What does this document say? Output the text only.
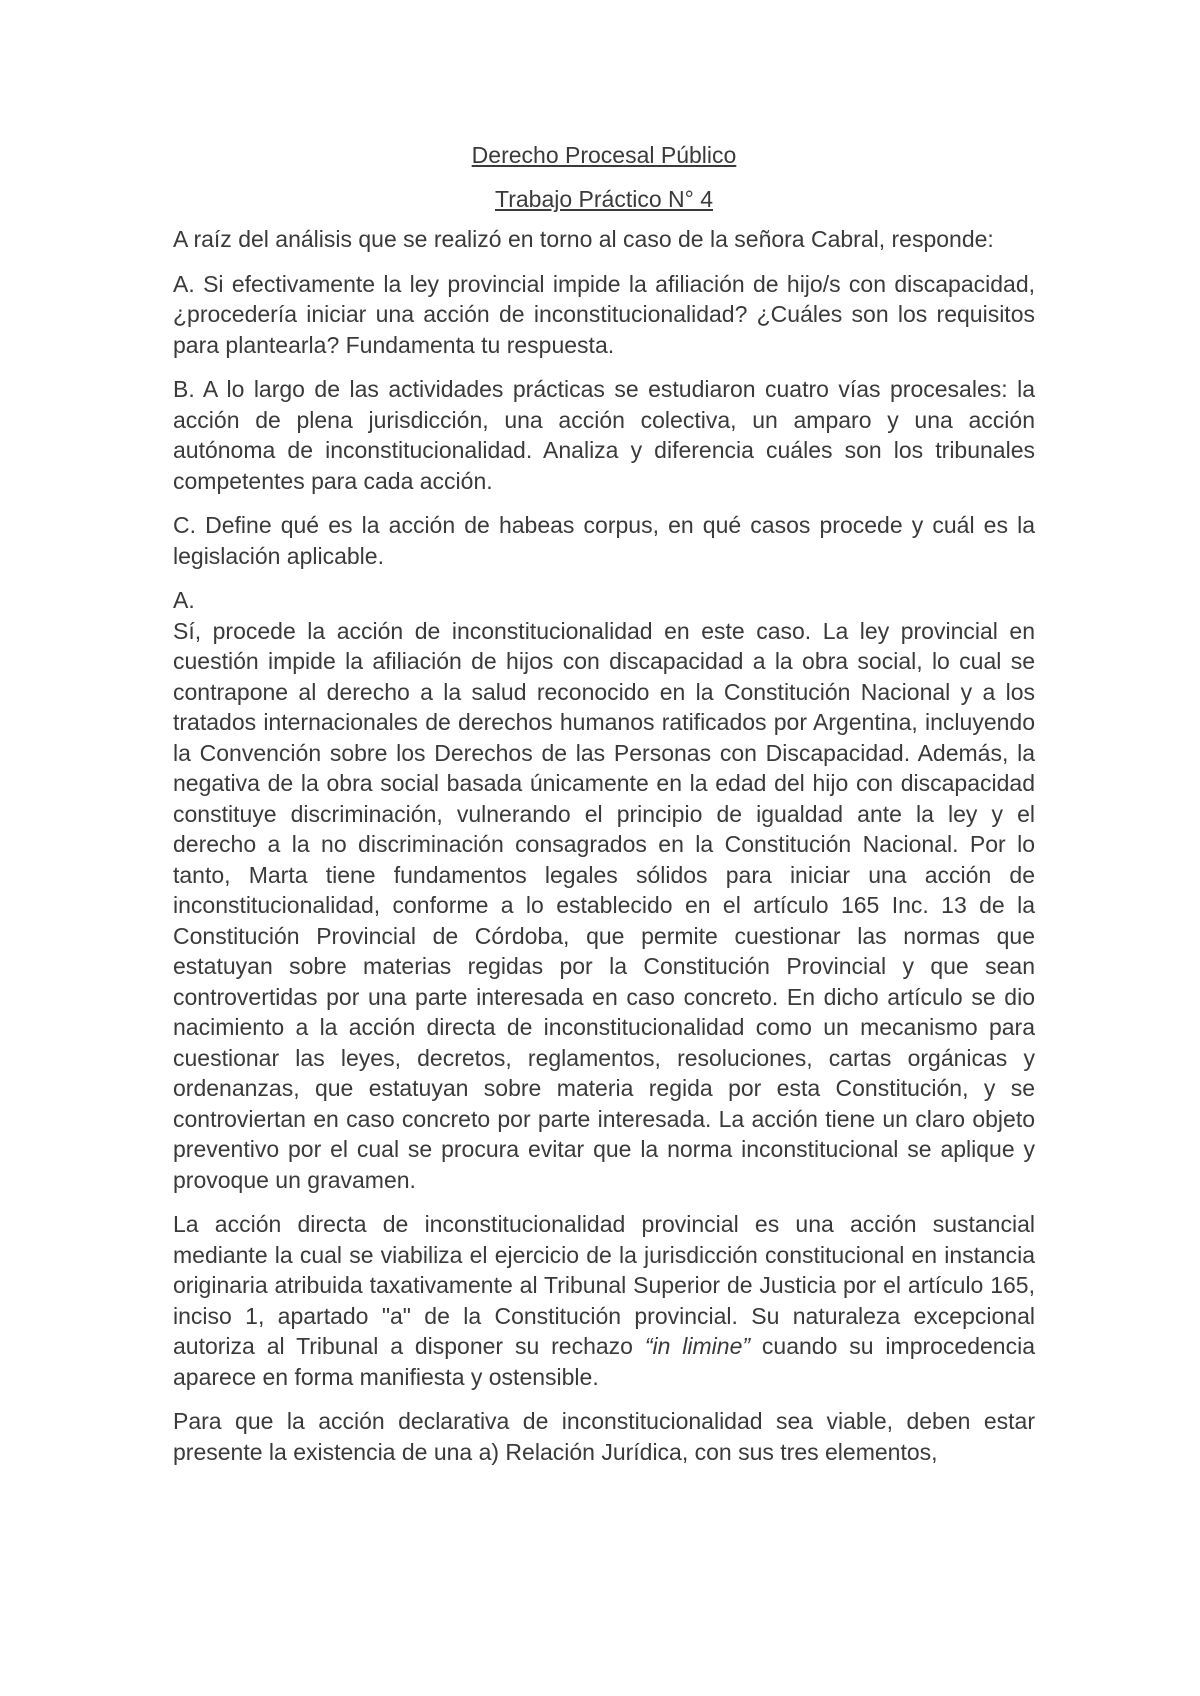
Derecho Procesal Público
Trabajo Práctico N° 4

A raíz del análisis que se realizó en torno al caso de la señora Cabral, responde:

A. Si efectivamente la ley provincial impide la afiliación de hijo/s con discapacidad, ¿procedería iniciar una acción de inconstitucionalidad? ¿Cuáles son los requisitos para plantearla? Fundamenta tu respuesta.

B. A lo largo de las actividades prácticas se estudiaron cuatro vías procesales: la acción de plena jurisdicción, una acción colectiva, un amparo y una acción autónoma de inconstitucionalidad. Analiza y diferencia cuáles son los tribunales competentes para cada acción.

C. Define qué es la acción de habeas corpus, en qué casos procede y cuál es la legislación aplicable.

A.

Sí, procede la acción de inconstitucionalidad en este caso. La ley provincial en cuestión impide la afiliación de hijos con discapacidad a la obra social, lo cual se contrapone al derecho a la salud reconocido en la Constitución Nacional y a los tratados internacionales de derechos humanos ratificados por Argentina, incluyendo la Convención sobre los Derechos de las Personas con Discapacidad. Además, la negativa de la obra social basada únicamente en la edad del hijo con discapacidad constituye discriminación, vulnerando el principio de igualdad ante la ley y el derecho a la no discriminación consagrados en la Constitución Nacional. Por lo tanto, Marta tiene fundamentos legales sólidos para iniciar una acción de inconstitucionalidad, conforme a lo establecido en el artículo 165 Inc. 13 de la Constitución Provincial de Córdoba, que permite cuestionar las normas que estatuyan sobre materias regidas por la Constitución Provincial y que sean controvertidas por una parte interesada en caso concreto. En dicho artículo se dio nacimiento a la acción directa de inconstitucionalidad como un mecanismo para cuestionar las leyes, decretos, reglamentos, resoluciones, cartas orgánicas y ordenanzas, que estatuyan sobre materia regida por esta Constitución, y se controviertan en caso concreto por parte interesada. La acción tiene un claro objeto preventivo por el cual se procura evitar que la norma inconstitucional se aplique y provoque un gravamen.

La acción directa de inconstitucionalidad provincial es una acción sustancial mediante la cual se viabiliza el ejercicio de la jurisdicción constitucional en instancia originaria atribuida taxativamente al Tribunal Superior de Justicia por el artículo 165, inciso 1, apartado "a" de la Constitución provincial. Su naturaleza excepcional autoriza al Tribunal a disponer su rechazo “in limine” cuando su improcedencia aparece en forma manifiesta y ostensible.

Para que la acción declarativa de inconstitucionalidad sea viable, deben estar presente la existencia de una a) Relación Jurídica, con sus tres elementos,
